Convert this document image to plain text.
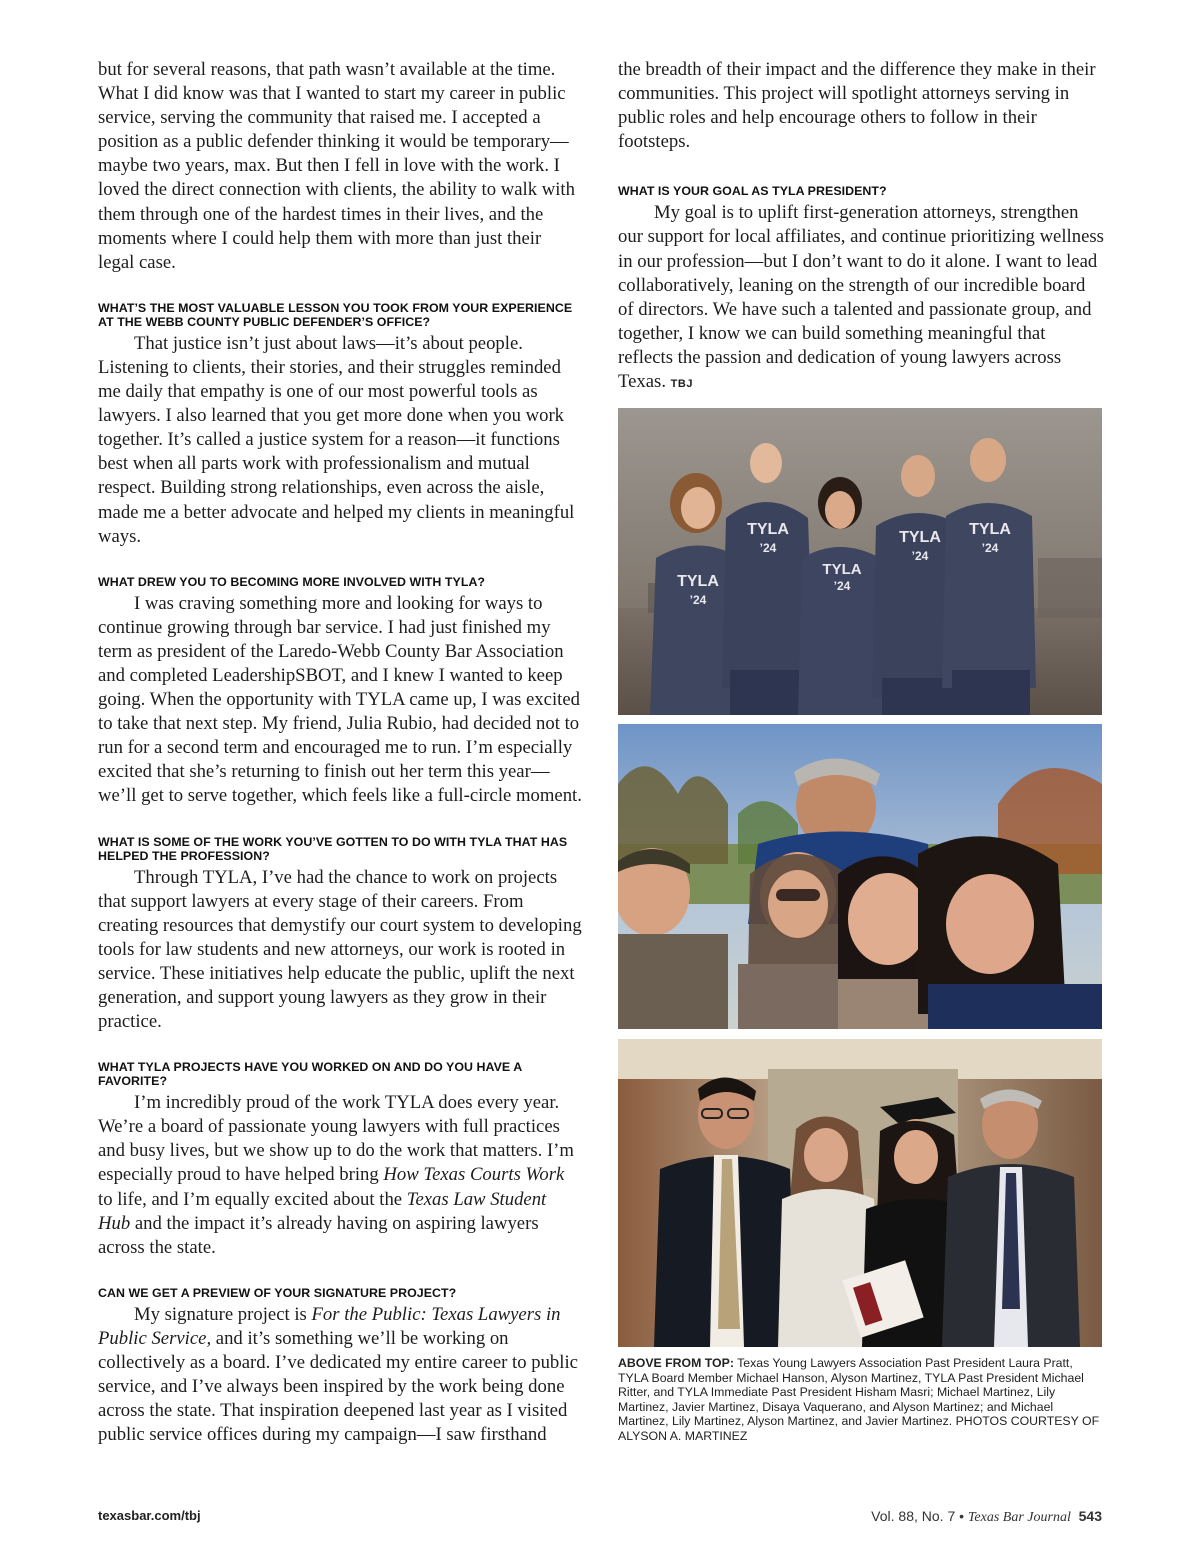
but for several reasons, that path wasn’t available at the time. What I did know was that I wanted to start my career in public service, serving the community that raised me. I accepted a position as a public defender thinking it would be temporary—maybe two years, max. But then I fell in love with the work. I loved the direct connection with clients, the ability to walk with them through one of the hardest times in their lives, and the moments where I could help them with more than just their legal case.

WHAT’S THE MOST VALUABLE LESSON YOU TOOK FROM YOUR EXPERIENCE AT THE WEBB COUNTY PUBLIC DEFENDER’S OFFICE?

That justice isn’t just about laws—it’s about people. Listening to clients, their stories, and their struggles reminded me daily that empathy is one of our most powerful tools as lawyers. I also learned that you get more done when you work together. It’s called a justice system for a reason—it functions best when all parts work with professionalism and mutual respect. Building strong relationships, even across the aisle, made me a better advocate and helped my clients in meaningful ways.

WHAT DREW YOU TO BECOMING MORE INVOLVED WITH TYLA?

I was craving something more and looking for ways to continue growing through bar service. I had just finished my term as president of the Laredo-Webb County Bar Association and completed LeadershipSBOT, and I knew I wanted to keep going. When the opportunity with TYLA came up, I was excited to take that next step. My friend, Julia Rubio, had decided not to run for a second term and encouraged me to run. I’m especially excited that she’s returning to finish out her term this year—we’ll get to serve together, which feels like a full-circle moment.

WHAT IS SOME OF THE WORK YOU’VE GOTTEN TO DO WITH TYLA THAT HAS HELPED THE PROFESSION?

Through TYLA, I’ve had the chance to work on projects that support lawyers at every stage of their careers. From creating resources that demystify our court system to developing tools for law students and new attorneys, our work is rooted in service. These initiatives help educate the public, uplift the next generation, and support young lawyers as they grow in their practice.

WHAT TYLA PROJECTS HAVE YOU WORKED ON AND DO YOU HAVE A FAVORITE?

I’m incredibly proud of the work TYLA does every year. We’re a board of passionate young lawyers with full practices and busy lives, but we show up to do the work that matters. I’m especially proud to have helped bring How Texas Courts Work to life, and I’m equally excited about the Texas Law Student Hub and the impact it’s already having on aspiring lawyers across the state.

CAN WE GET A PREVIEW OF YOUR SIGNATURE PROJECT?

My signature project is For the Public: Texas Lawyers in Public Service, and it’s something we’ll be working on collectively as a board. I’ve dedicated my entire career to public service, and I’ve always been inspired by the work being done across the state. That inspiration deepened last year as I visited public service offices during my campaign—I saw firsthand

the breadth of their impact and the difference they make in their communities. This project will spotlight attorneys serving in public roles and help encourage others to follow in their footsteps.

WHAT IS YOUR GOAL AS TYLA PRESIDENT?

My goal is to uplift first-generation attorneys, strengthen our support for local affiliates, and continue prioritizing wellness in our profession—but I don’t want to do it alone. I want to lead collaboratively, leaning on the strength of our incredible board of directors. We have such a talented and passionate group, and together, I know we can build something meaningful that reflects the passion and dedication of young lawyers across Texas. TBJ

TYLA
’24
TYLA
’24
TYLA
’24
TYLA
’24
TYLA
’24
ABOVE FROM TOP: Texas Young Lawyers Association Past President Laura Pratt, TYLA Board Member Michael Hanson, Alyson Martinez, TYLA Past President Michael Ritter, and TYLA Immediate Past President Hisham Masri; Michael Martinez, Lily Martinez, Javier Martinez, Disaya Vaquerano, and Alyson Martinez; and Michael Martinez, Lily Martinez, Alyson Martinez, and Javier Martinez. PHOTOS COURTESY OF ALYSON A. MARTINEZ
texasbar.com/tbj	Vol. 88, No. 7 • Texas Bar Journal 543
